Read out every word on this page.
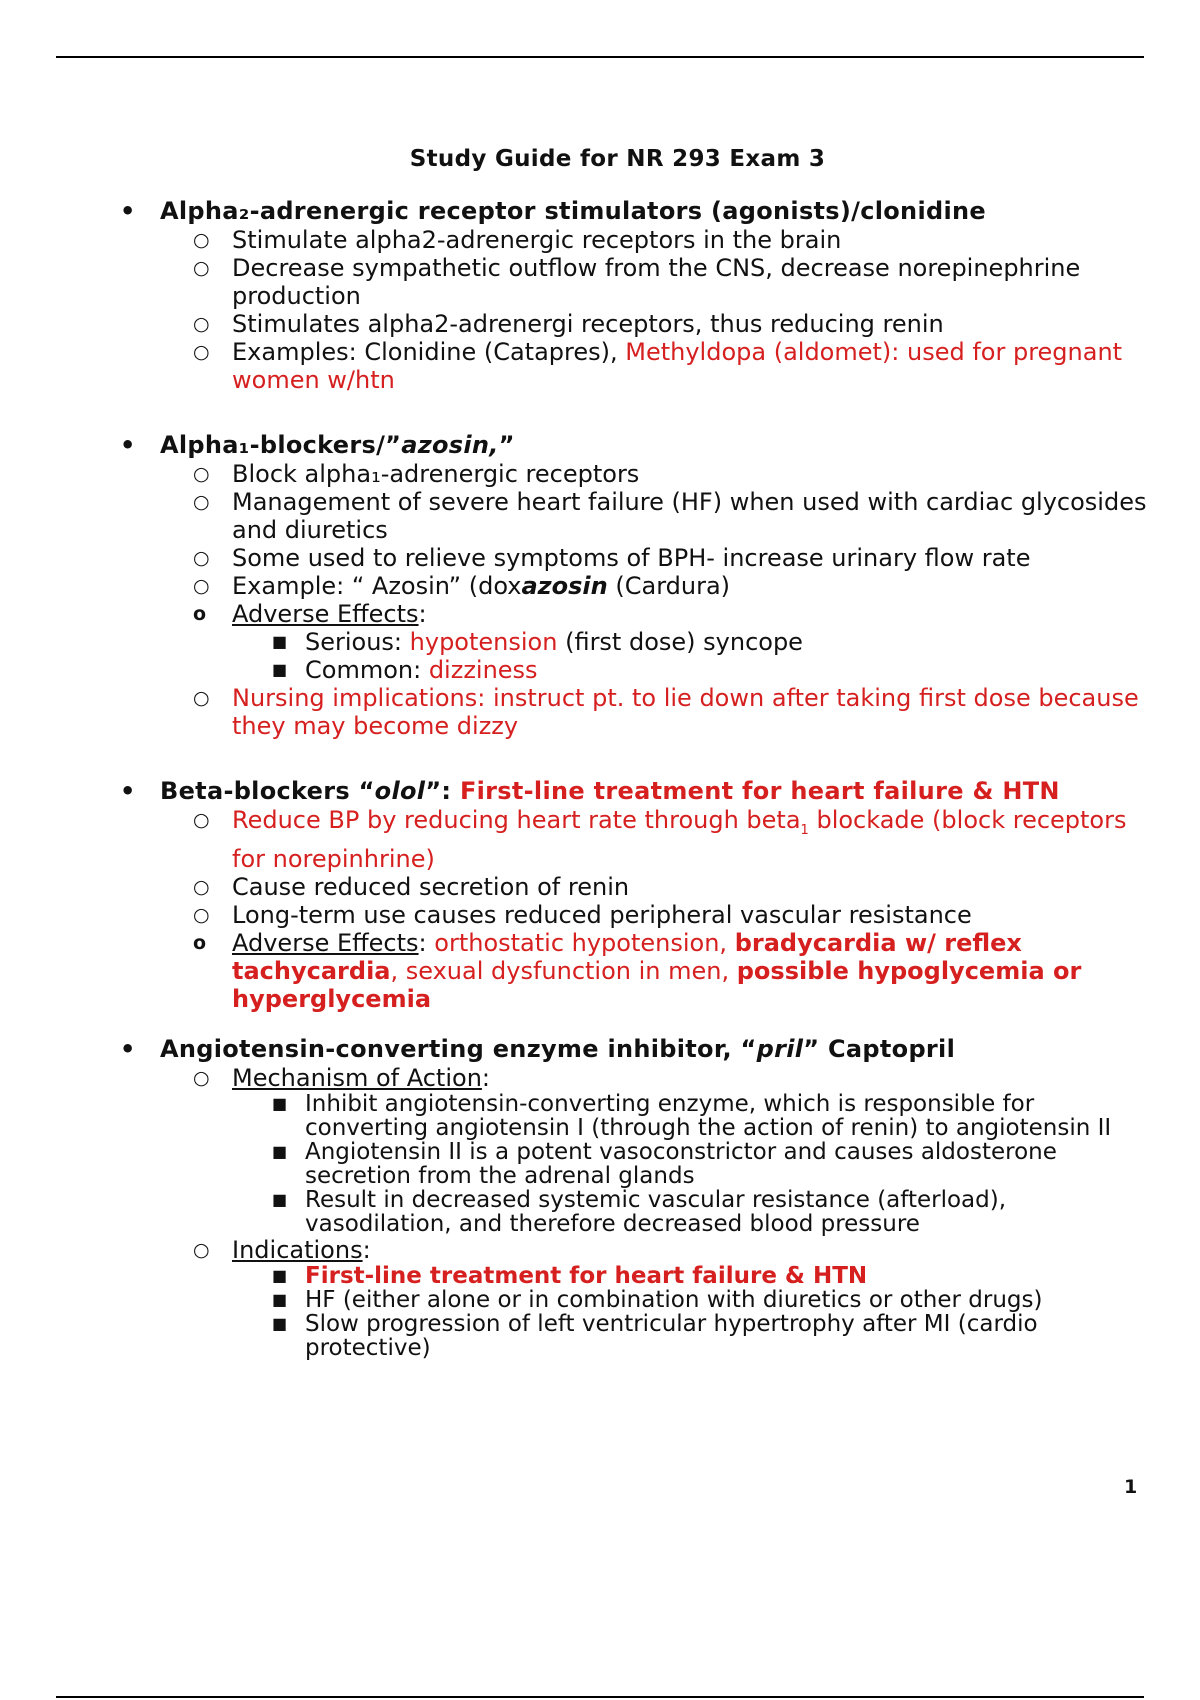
Study Guide for NR 293 Exam 3
• Alpha₂-adrenergic receptor stimulators (agonists)/clonidine
○ Stimulate alpha2-adrenergic receptors in the brain
○ Decrease sympathetic outflow from the CNS, decrease norepinephrine production
○ Stimulates alpha2-adrenergi receptors, thus reducing renin
○ Examples: Clonidine (Catapres), Methyldopa (aldomet): used for pregnant women w/htn
• Alpha₁-blockers/”azosin,”
○ Block alpha₁-adrenergic receptors
○ Management of severe heart failure (HF) when used with cardiac glycosides and diuretics
○ Some used to relieve symptoms of BPH- increase urinary flow rate
○ Example: “ Azosin” (doxazosin (Cardura)
o Adverse Effects:
■ Serious: hypotension (first dose) syncope
■ Common: dizziness
○ Nursing implications: instruct pt. to lie down after taking first dose because they may become dizzy
• Beta-blockers “olol”: First-line treatment for heart failure & HTN
○ Reduce BP by reducing heart rate through beta$_1$ blockade (block receptors for norepinhrine)
○ Cause reduced secretion of renin
○ Long-term use causes reduced peripheral vascular resistance
o Adverse Effects: orthostatic hypotension, bradycardia w/ reflex tachycardia, sexual dysfunction in men, possible hypoglycemia or hyperglycemia
• Angiotensin-converting enzyme inhibitor, “pril” Captopril
○ Mechanism of Action:
■ Inhibit angiotensin-converting enzyme, which is responsible for converting angiotensin I (through the action of renin) to angiotensin II
■ Angiotensin II is a potent vasoconstrictor and causes aldosterone secretion from the adrenal glands
■ Result in decreased systemic vascular resistance (afterload), vasodilation, and therefore decreased blood pressure
○ Indications:
■ First-line treatment for heart failure & HTN
■ HF (either alone or in combination with diuretics or other drugs)
■ Slow progression of left ventricular hypertrophy after MI (cardio protective)
1
